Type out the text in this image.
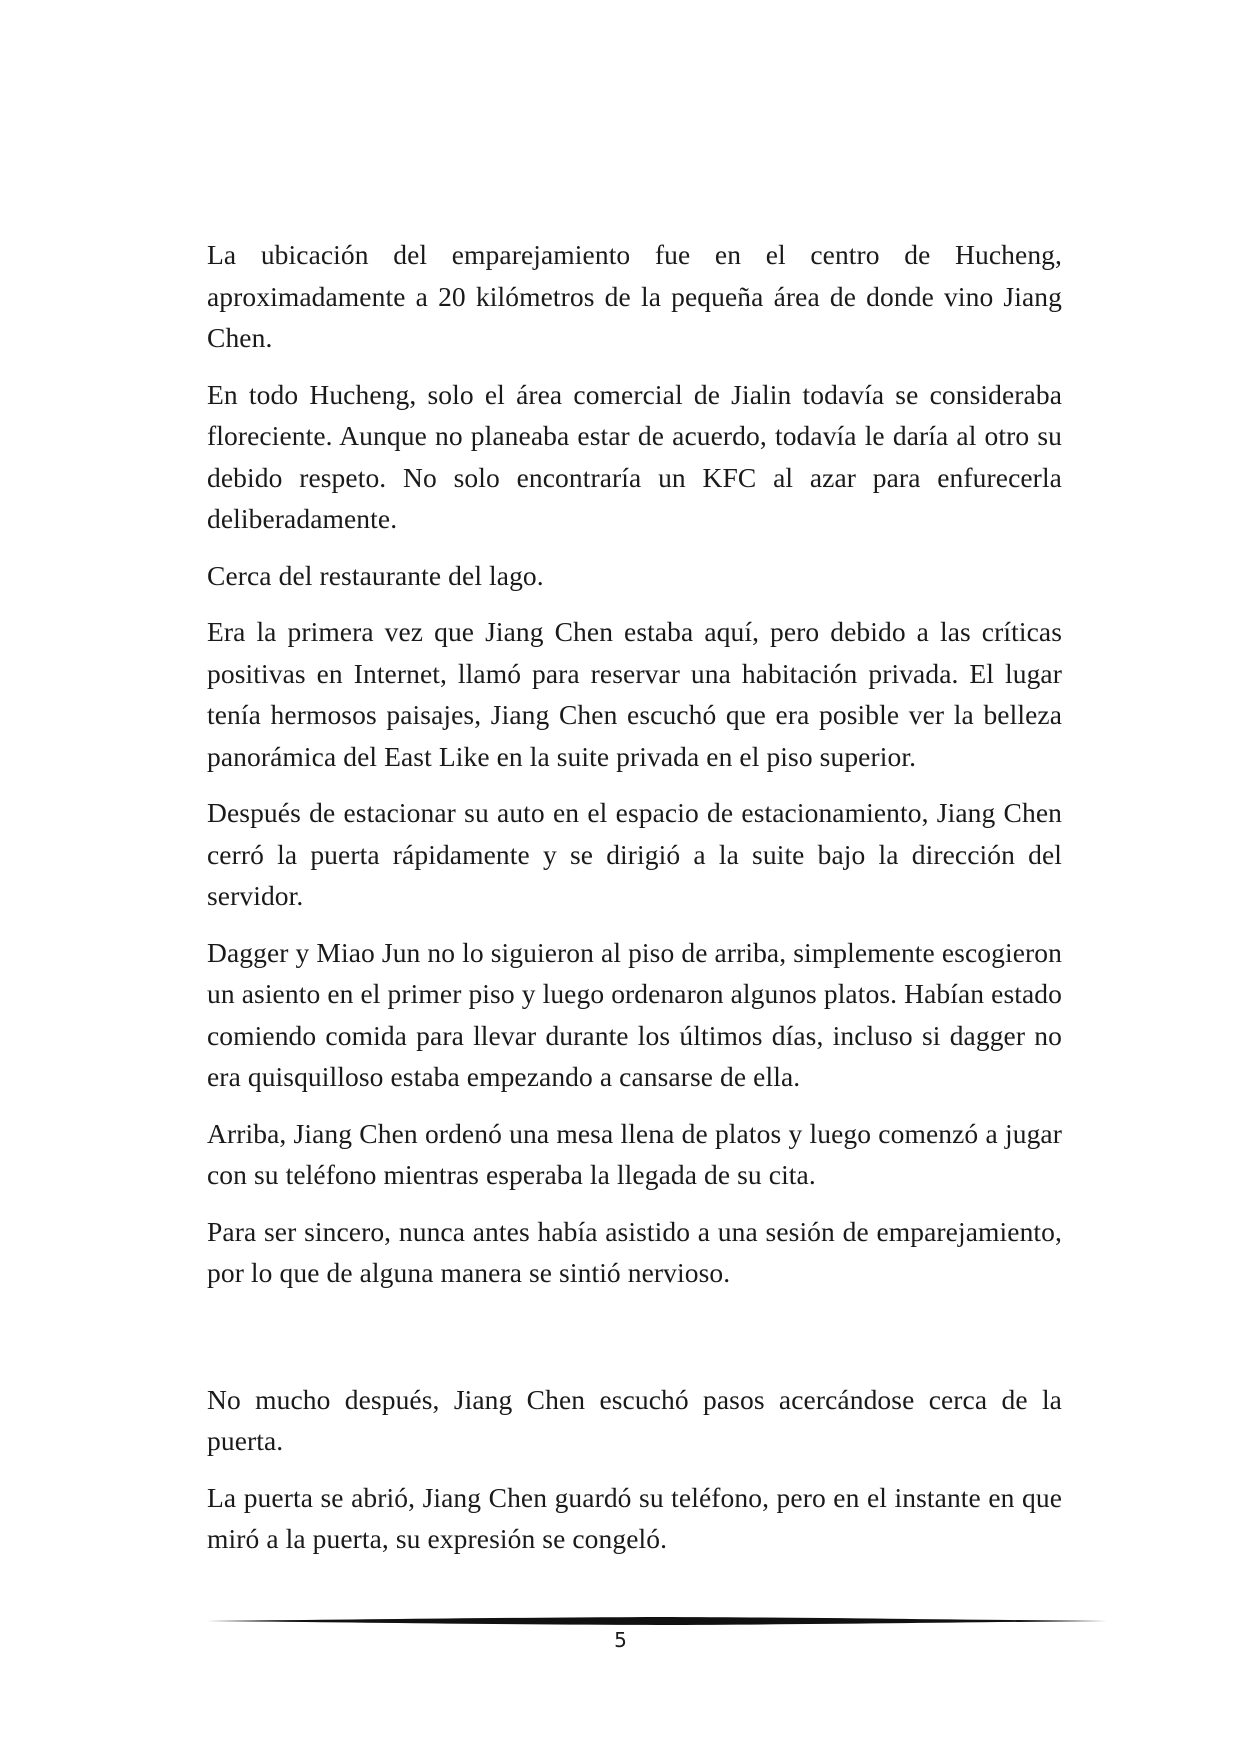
La ubicación del emparejamiento fue en el centro de Hucheng, aproximadamente a 20 kilómetros de la pequeña área de donde vino Jiang Chen.

En todo Hucheng, solo el área comercial de Jialin todavía se consideraba floreciente. Aunque no planeaba estar de acuerdo, todavía le daría al otro su debido respeto. No solo encontraría un KFC al azar para enfurecerla deliberadamente.

Cerca del restaurante del lago.

Era la primera vez que Jiang Chen estaba aquí, pero debido a las críticas positivas en Internet, llamó para reservar una habitación privada. El lugar tenía hermosos paisajes, Jiang Chen escuchó que era posible ver la belleza panorámica del East Like en la suite privada en el piso superior.

Después de estacionar su auto en el espacio de estacionamiento, Jiang Chen cerró la puerta rápidamente y se dirigió a la suite bajo la dirección del servidor.

Dagger y Miao Jun no lo siguieron al piso de arriba, simplemente escogieron un asiento en el primer piso y luego ordenaron algunos platos. Habían estado comiendo comida para llevar durante los últimos días, incluso si dagger no era quisquilloso estaba empezando a cansarse de ella.

Arriba, Jiang Chen ordenó una mesa llena de platos y luego comenzó a jugar con su teléfono mientras esperaba la llegada de su cita.

Para ser sincero, nunca antes había asistido a una sesión de emparejamiento, por lo que de alguna manera se sintió nervioso.

No mucho después, Jiang Chen escuchó pasos acercándose cerca de la puerta.

La puerta se abrió, Jiang Chen guardó su teléfono, pero en el instante en que miró a la puerta, su expresión se congeló.

5
